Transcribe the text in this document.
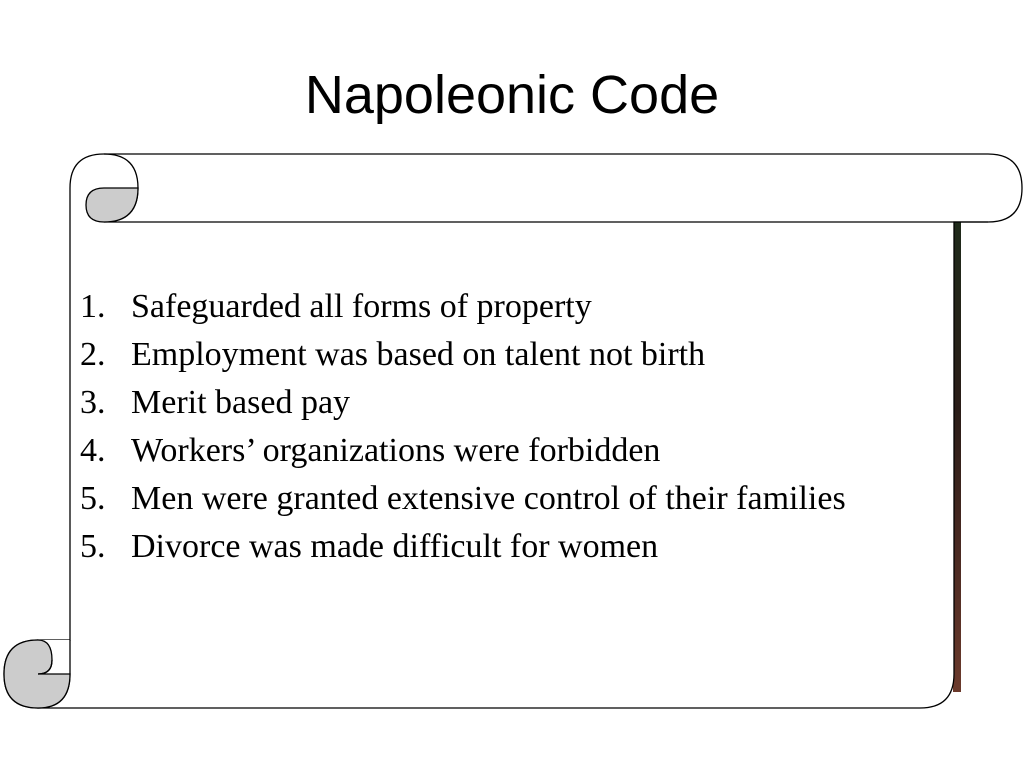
Napoleonic Code
1. Safeguarded all forms of property
2. Employment was based on talent not birth
3. Merit based pay
4. Workers’ organizations were forbidden
5. Men were granted extensive control of their families
5. Divorce was made difficult for women
